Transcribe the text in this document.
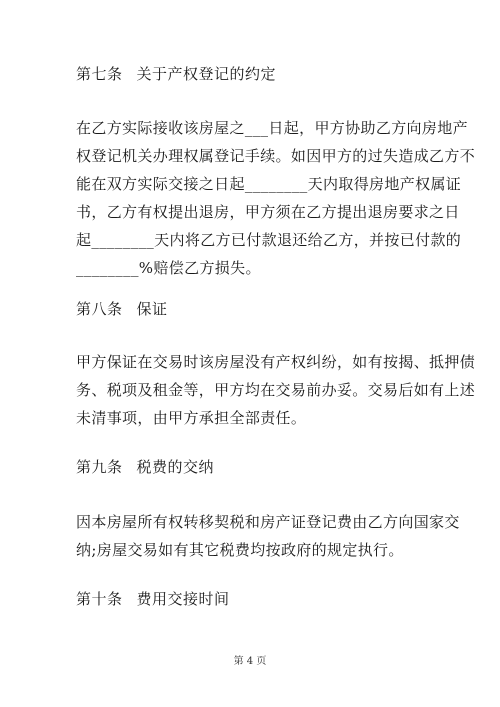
第七条 关于产权登记的约定
在乙方实际接收该房屋之___日起，甲方协助乙方向房地产
权登记机关办理权属登记手续。如因甲方的过失造成乙方不
能在双方实际交接之日起________天内取得房地产权属证
书，乙方有权提出退房，甲方须在乙方提出退房要求之日
起________天内将乙方已付款退还给乙方，并按已付款的
________%赔偿乙方损失。
第八条 保证
甲方保证在交易时该房屋没有产权纠纷，如有按揭、抵押债
务、税项及租金等，甲方均在交易前办妥。交易后如有上述
未清事项，由甲方承担全部责任。
第九条 税费的交纳
因本房屋所有权转移契税和房产证登记费由乙方向国家交
纳;房屋交易如有其它税费均按政府的规定执行。
第十条 费用交接时间
第 4 页
